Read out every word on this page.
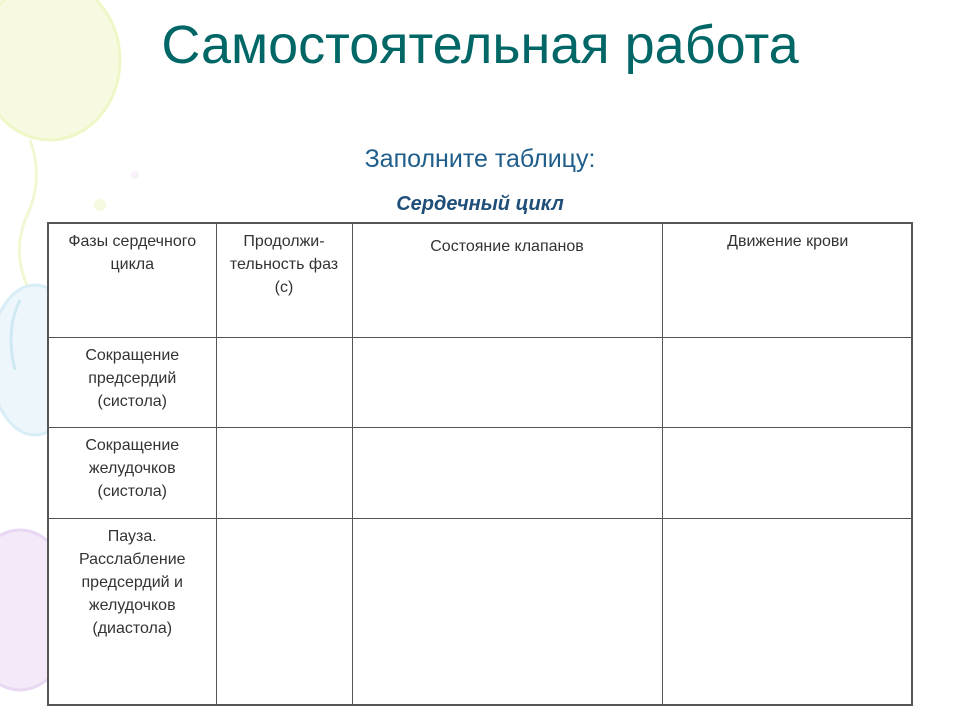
Самостоятельная работа
Заполните таблицу:
Сердечный цикл
Фазы сердечного цикла	Продолжи-тельность фаз (с)	Состояние клапанов	Движение крови

Сокращение предсердий (систола)			

Сокращение желудочков (систола)			

Пауза. Расслабление предсердий и желудочков (диастола)			
